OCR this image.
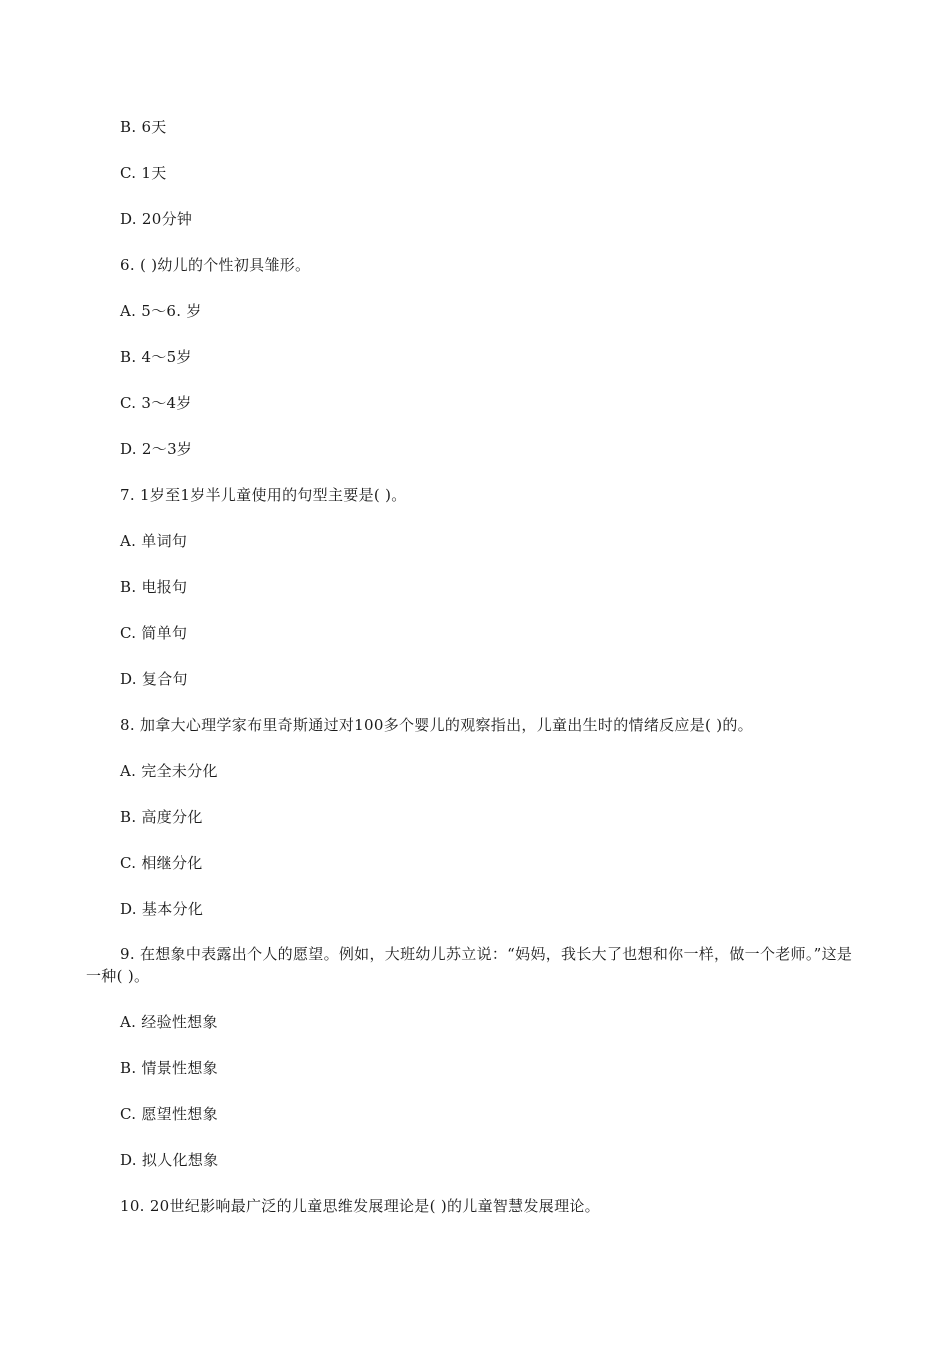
B. 6天
C. 1天
D. 20分钟
6. ( )幼儿的个性初具雏形。
A. 5～6. 岁
B. 4～5岁
C. 3～4岁
D. 2～3岁
7. 1岁至1岁半儿童使用的句型主要是( )。
A. 单词句
B. 电报句
C. 简单句
D. 复合句
8. 加拿大心理学家布里奇斯通过对100多个婴儿的观察指出，儿童出生时的情绪反应是( )的。
A. 完全未分化
B. 高度分化
C. 相继分化
D. 基本分化
9. 在想象中表露出个人的愿望。例如，大班幼儿苏立说：“妈妈，我长大了也想和你一样，做一个老师。”这是一种( )。
A. 经验性想象
B. 情景性想象
C. 愿望性想象
D. 拟人化想象
10. 20世纪影响最广泛的儿童思维发展理论是( )的儿童智慧发展理论。
